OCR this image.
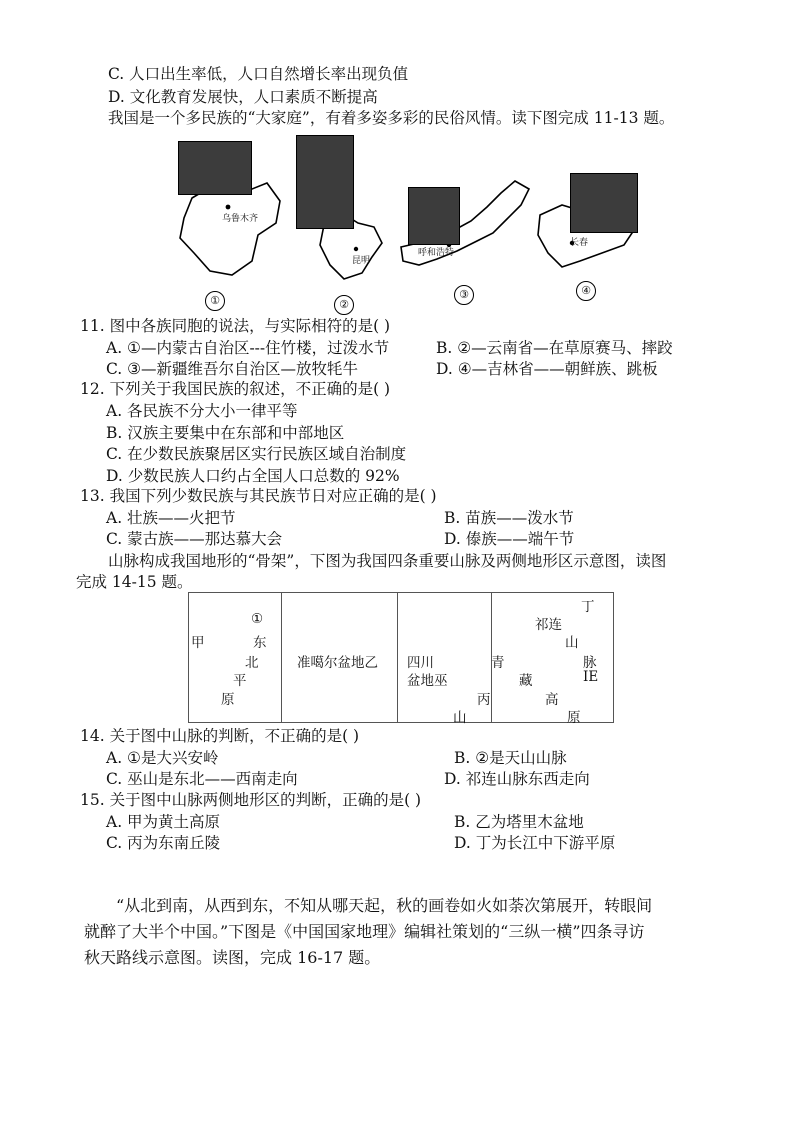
C. 人口出生率低，人口自然增长率出现负值
D. 文化教育发展快，人口素质不断提高
我国是一个多民族的“大家庭”，有着多姿多彩的民俗风情。读下图完成 11-13 题。
乌鲁木齐
①
昆明
②
呼和浩特
③
长春
④
11. 图中各族同胞的说法，与实际相符的是( )
A. ①—内蒙古自治区---住竹楼，过泼水节	B. ②—云南省—在草原赛马、摔跤
C. ③—新疆维吾尔自治区—放牧牦牛	D. ④—吉林省——朝鲜族、跳板
12. 下列关于我国民族的叙述，不正确的是( )
A. 各民族不分大小一律平等
B. 汉族主要集中在东部和中部地区
C. 在少数民族聚居区实行民族区域自治制度
D. 少数民族人口约占全国人口总数的 92%
13. 我国下列少数民族与其民族节日对应正确的是( )
A. 壮族——火把节	B. 苗族——泼水节
C. 蒙古族——那达慕大会	D. 傣族——端午节
山脉构成我国地形的“骨架”，下图为我国四条重要山脉及两侧地形区示意图，读图
完成 14-15 题。
①
甲	东
北
平
原
准噶尔盆地乙 四川
盆地巫
丙
山
丁
祁连
山
青	脉
藏	IE
高
原
14. 关于图中山脉的判断，不正确的是( )
A. ①是大兴安岭	B. ②是天山山脉
C. 巫山是东北——西南走向	D. 祁连山脉东西走向
15. 关于图中山脉两侧地形区的判断，正确的是( )
A. 甲为黄土高原	B. 乙为塔里木盆地
C. 丙为东南丘陵	D. 丁为长江中下游平原
“从北到南，从西到东，不知从哪天起，秋的画卷如火如荼次第展开，转眼间
就醉了大半个中国。”下图是《中国国家地理》编辑社策划的“三纵一横”四条寻访
秋天路线示意图。读图，完成 16-17 题。
